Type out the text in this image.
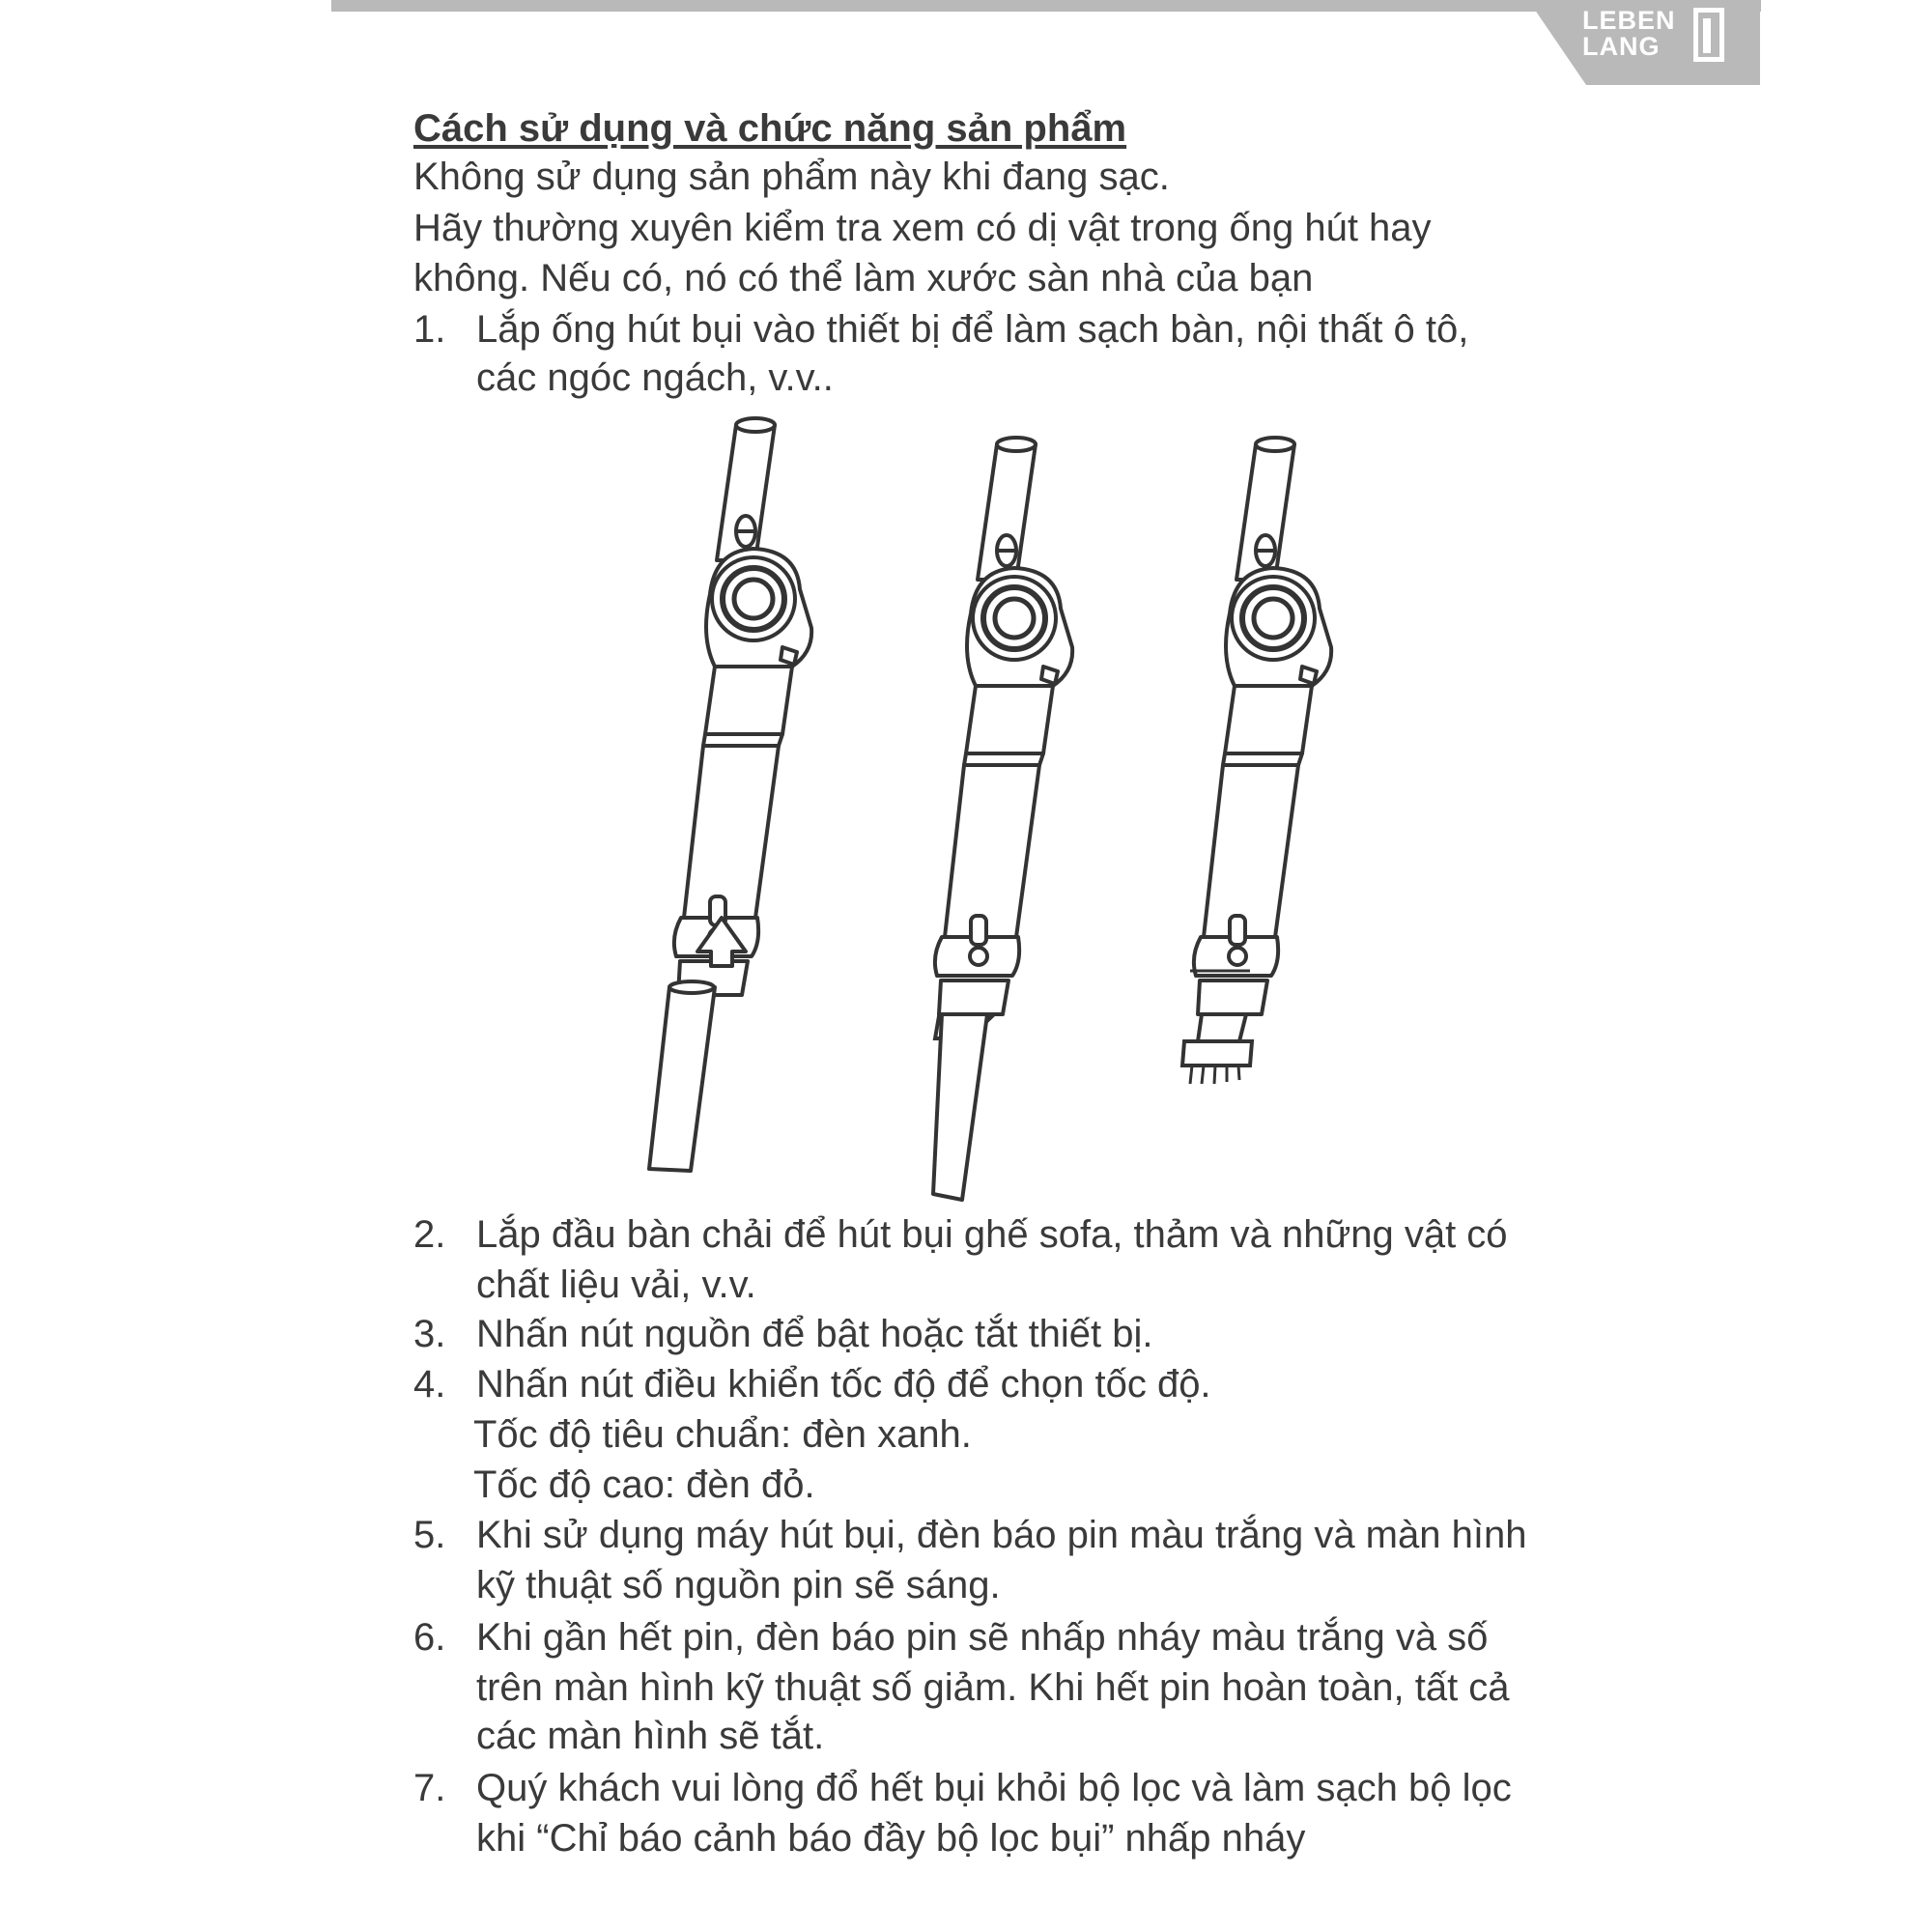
LEBEN
LANG
Cách sử dụng và chức năng sản phẩm
Không sử dụng sản phẩm này khi đang sạc.
Hãy thường xuyên kiểm tra xem có dị vật trong ống hút hay
không. Nếu có, nó có thể làm xước sàn nhà của bạn
1. Lắp ống hút bụi vào thiết bị để làm sạch bàn, nội thất ô tô,
các ngóc ngách, v.v..
2. Lắp đầu bàn chải để hút bụi ghế sofa, thảm và những vật có
chất liệu vải, v.v.
3. Nhấn nút nguồn để bật hoặc tắt thiết bị.
4. Nhấn nút điều khiển tốc độ để chọn tốc độ.
Tốc độ tiêu chuẩn: đèn xanh.
Tốc độ cao: đèn đỏ.
5. Khi sử dụng máy hút bụi, đèn báo pin màu trắng và màn hình
kỹ thuật số nguồn pin sẽ sáng.
6. Khi gần hết pin, đèn báo pin sẽ nhấp nháy màu trắng và số
trên màn hình kỹ thuật số giảm. Khi hết pin hoàn toàn, tất cả
các màn hình sẽ tắt.
7. Quý khách vui lòng đổ hết bụi khỏi bộ lọc và làm sạch bộ lọc
khi “Chỉ báo cảnh báo đầy bộ lọc bụi” nhấp nháy
